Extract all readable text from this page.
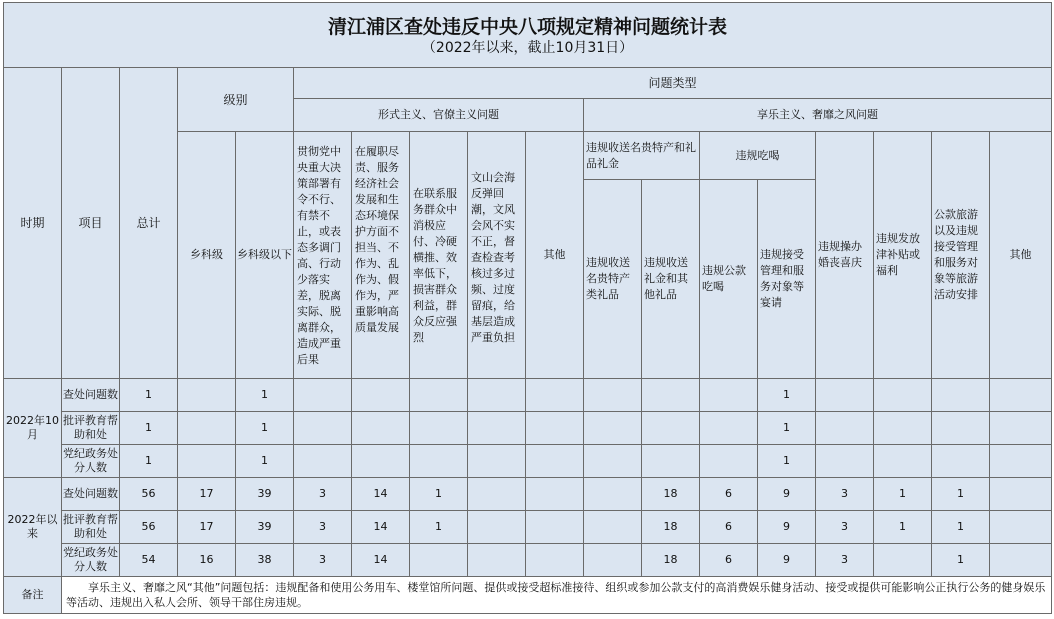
清江浦区查处违反中央八项规定精神问题统计表
（2022年以来，截止10月31日）																	

时期	项目	总计	级别		问题类型												
					形式主义、官僚主义问题					享乐主义、奢靡之风问题							
			乡科级	乡科级以下	贯彻党中央重大决策部署有令不行、有禁不止，或表态多调门高、行动少落实差，脱离实际、脱离群众，造成严重后果	在履职尽责、服务经济社会发展和生态环境保护方面不担当、不作为、乱作为、假作为，严重影响高质量发展	在联系服务群众中消极应付、冷硬横推、效率低下，损害群众利益，群众反应强烈	文山会海反弹回潮，文风会风不实不正，督查检查考核过多过频、过度留痕，给基层造成严重负担	其他	违规收送名贵特产和礼品礼金		违规吃喝		违规操办婚丧喜庆	违规发放津补贴或福利	公款旅游以及违规接受管理和服务对象等旅游活动安排	其他
										违规收送名贵特产类礼品	违规收送礼金和其他礼品	违规公款吃喝	违规接受管理和服务对象等宴请				
2022年10月	查处问题数	1		1									1				
	批评教育帮助和处	1		1									1				
	党纪政务处分人数	1		1									1				
2022年以来	查处问题数	56	17	39	3	14	1				18	6	9	3	1	1	
	批评教育帮助和处	56	17	39	3	14	1				18	6	9	3	1	1	
	党纪政务处分人数	54	16	38	3	14					18	6	9	3		1	
备注	享乐主义、奢靡之风“其他”问题包括：违规配备和使用公务用车、楼堂馆所问题、提供或接受超标准接待、组织或参加公款支付的高消费娱乐健身活动、接受或提供可能影响公正执行公务的健身娱乐等活动、违规出入私人会所、领导干部住房违规。																
